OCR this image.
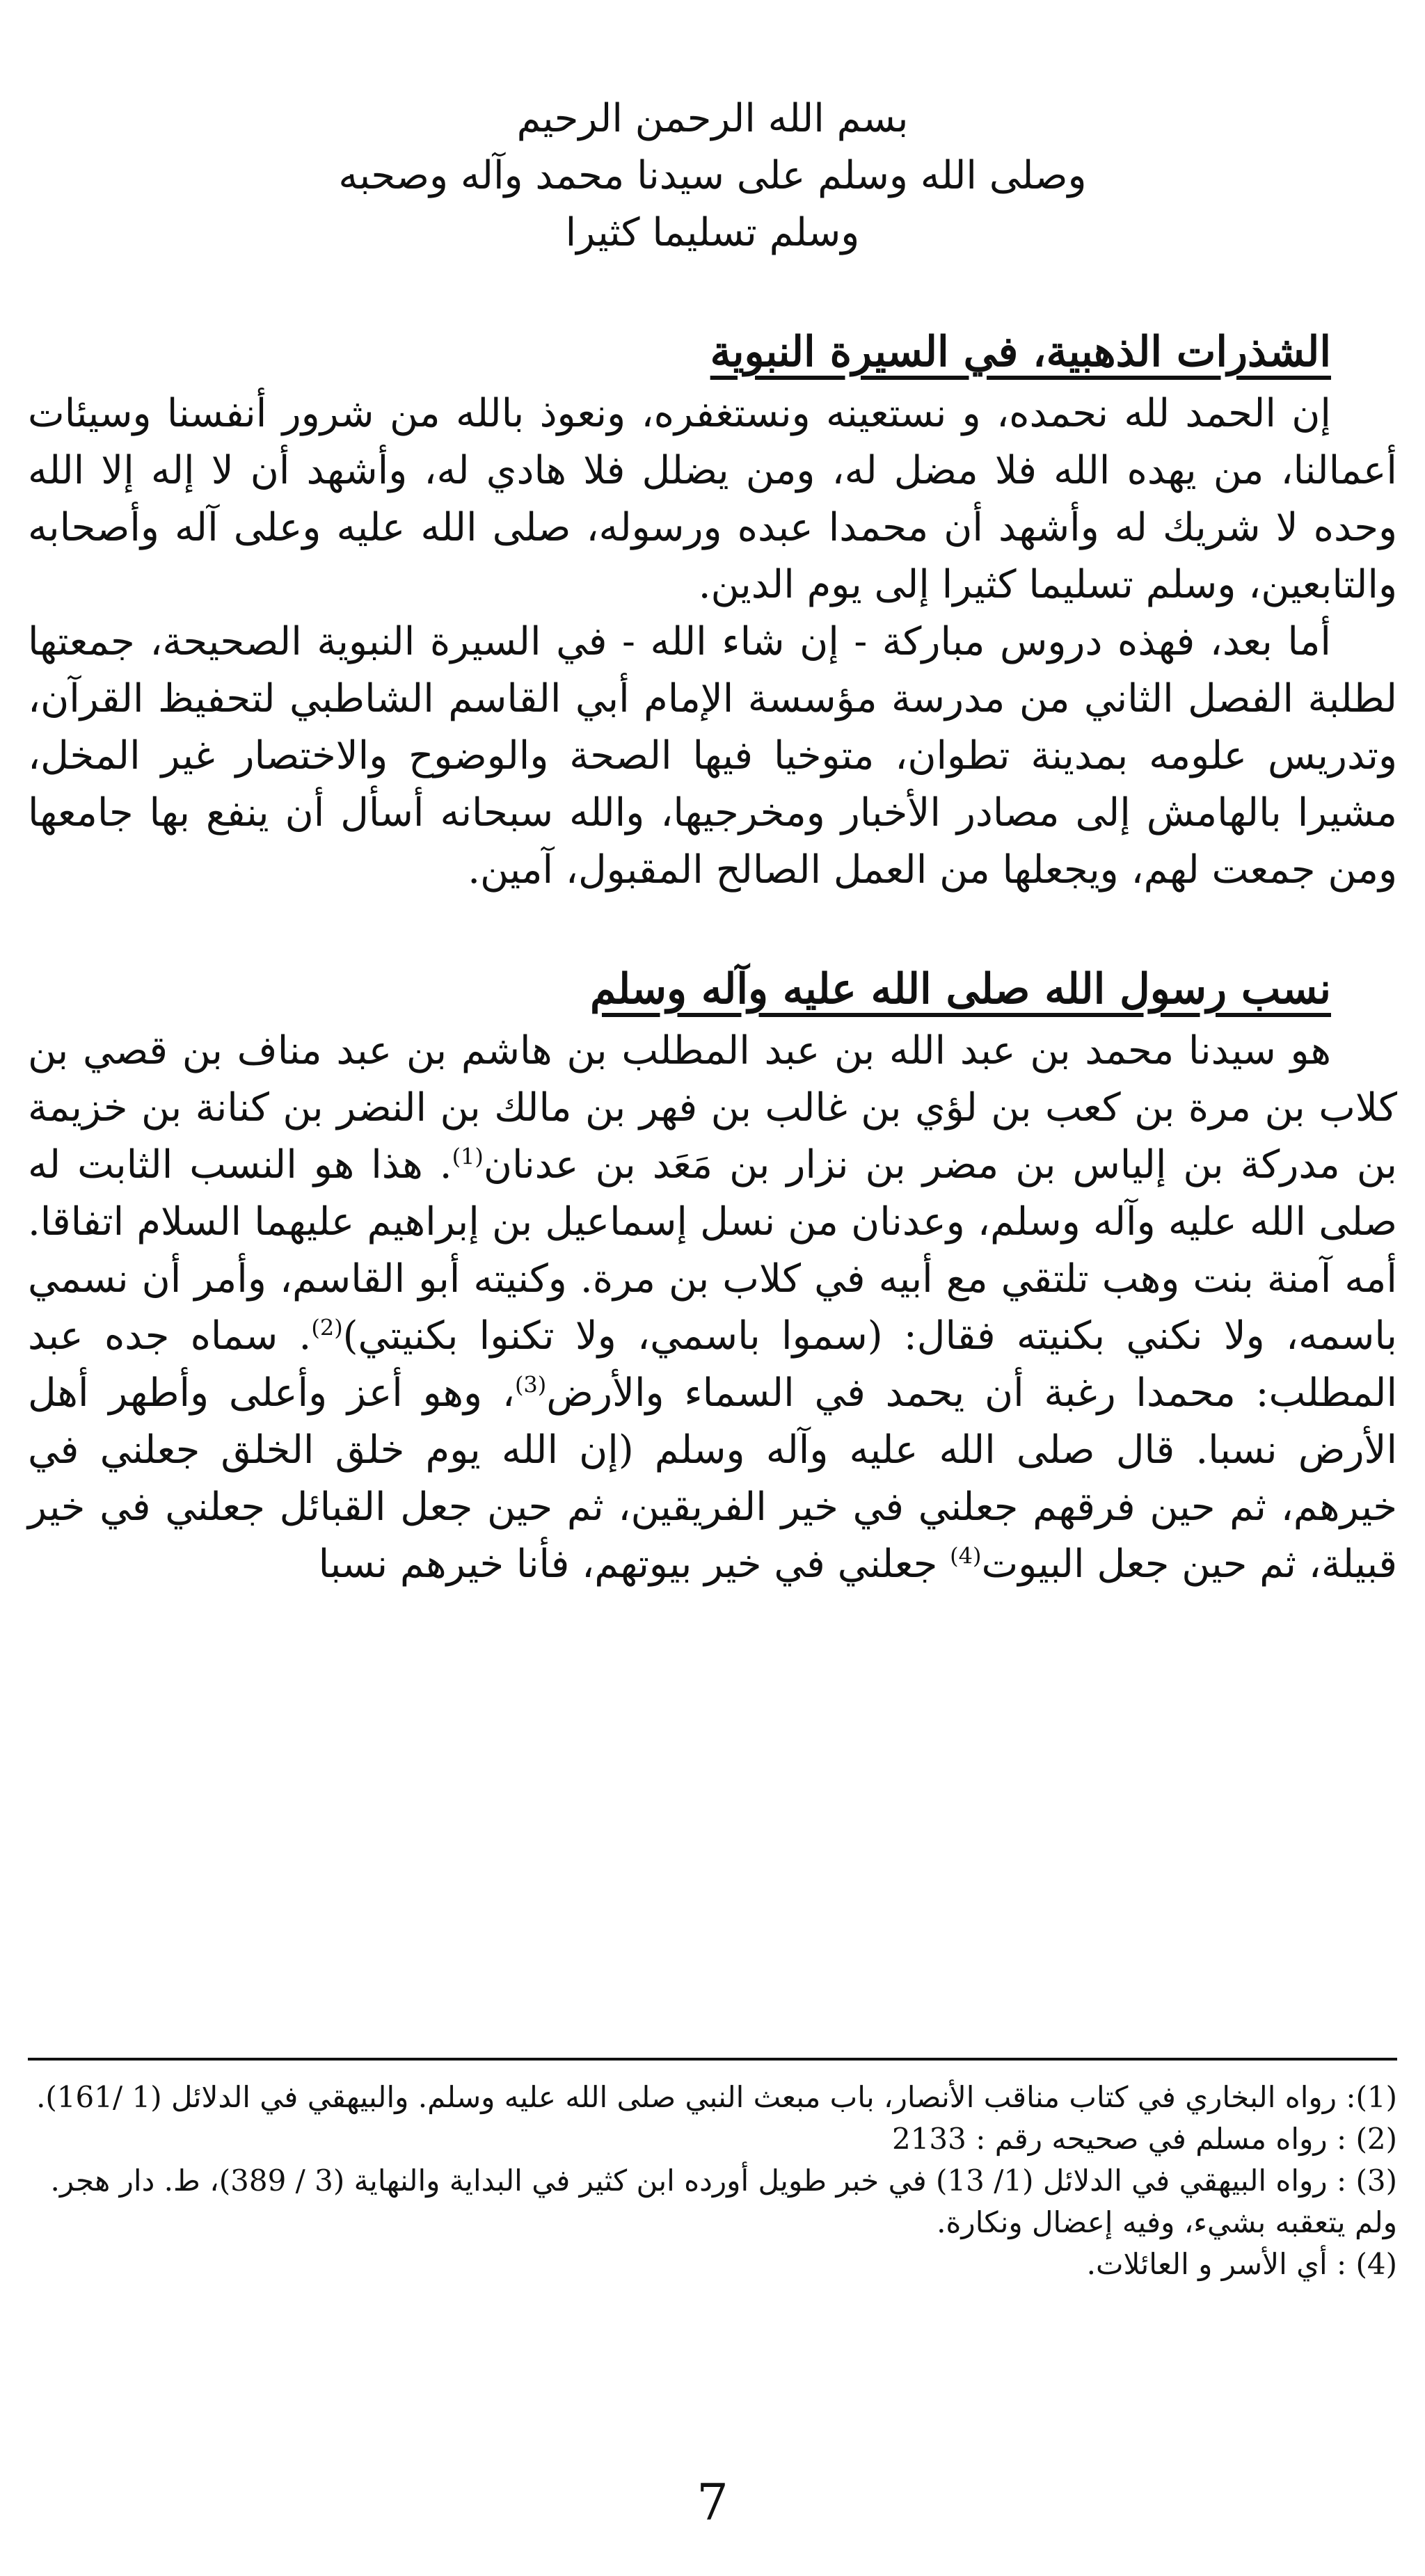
بسم الله الرحمن الرحيم
وصلى الله وسلم على سيدنا محمد وآله وصحبه
وسلم تسليما كثيرا
الشذرات الذهبية، في السيرة النبوية

إن الحمد لله نحمده، و نستعينه ونستغفره، ونعوذ بالله من شرور أنفسنا وسيئات أعمالنا، من يهده الله فلا مضل له، ومن يضلل فلا هادي له، وأشهد أن لا إله إلا الله وحده لا شريك له وأشهد أن محمدا عبده ورسوله، صلى الله عليه وعلى آله وأصحابه والتابعين، وسلم تسليما كثيرا إلى يوم الدين.

أما بعد، فهذه دروس مباركة - إن شاء الله - في السيرة النبوية الصحيحة، جمعتها لطلبة الفصل الثاني من مدرسة مؤسسة الإمام أبي القاسم الشاطبي لتحفيظ القرآن، وتدريس علومه بمدينة تطوان، متوخيا فيها الصحة والوضوح والاختصار غير المخل، مشيرا بالهامش إلى مصادر الأخبار ومخرجيها، والله سبحانه أسأل أن ينفع بها جامعها ومن جمعت لهم، ويجعلها من العمل الصالح المقبول، آمين.

نسب رسول الله صلى الله عليه وآله وسلم

هو سيدنا محمد بن عبد الله بن عبد المطلب بن هاشم بن عبد مناف بن قصي بن كلاب بن مرة بن كعب بن لؤي بن غالب بن فهر بن مالك بن النضر بن كنانة بن خزيمة بن مدركة بن إلياس بن مضر بن نزار بن مَعَد بن عدنان$^{(1)}$. هذا هو النسب الثابت له صلى الله عليه وآله وسلم، وعدنان من نسل إسماعيل بن إبراهيم عليهما السلام اتفاقا. أمه آمنة بنت وهب تلتقي مع أبيه في كلاب بن مرة. وكنيته أبو القاسم، وأمر أن نسمي باسمه، ولا نكني بكنيته فقال: (سموا باسمي، ولا تكنوا بكنيتي)$^{(2)}$. سماه جده عبد المطلب: محمدا رغبة أن يحمد في السماء والأرض$^{(3)}$، وهو أعز وأعلى وأطهر أهل الأرض نسبا. قال صلى الله عليه وآله وسلم (إن الله يوم خلق الخلق جعلني في خيرهم، ثم حين فرقهم جعلني في خير الفريقين، ثم حين جعل القبائل جعلني في خير قبيلة، ثم حين جعل البيوت$^{(4)}$ جعلني في خير بيوتهم، فأنا خيرهم نسبا

(1): رواه البخاري في كتاب مناقب الأنصار، باب مبعث النبي صلى الله عليه وسلم. والبيهقي في الدلائل (1 /161).
(2) : رواه مسلم في صحيحه رقم : 2133
(3) : رواه البيهقي في الدلائل (1/ 13) في خبر طويل أورده ابن كثير في البداية والنهاية (3 / 389)، ط. دار هجر. ولم يتعقبه بشيء، وفيه إعضال ونكارة.
(4) : أي الأسر و العائلات.
7
